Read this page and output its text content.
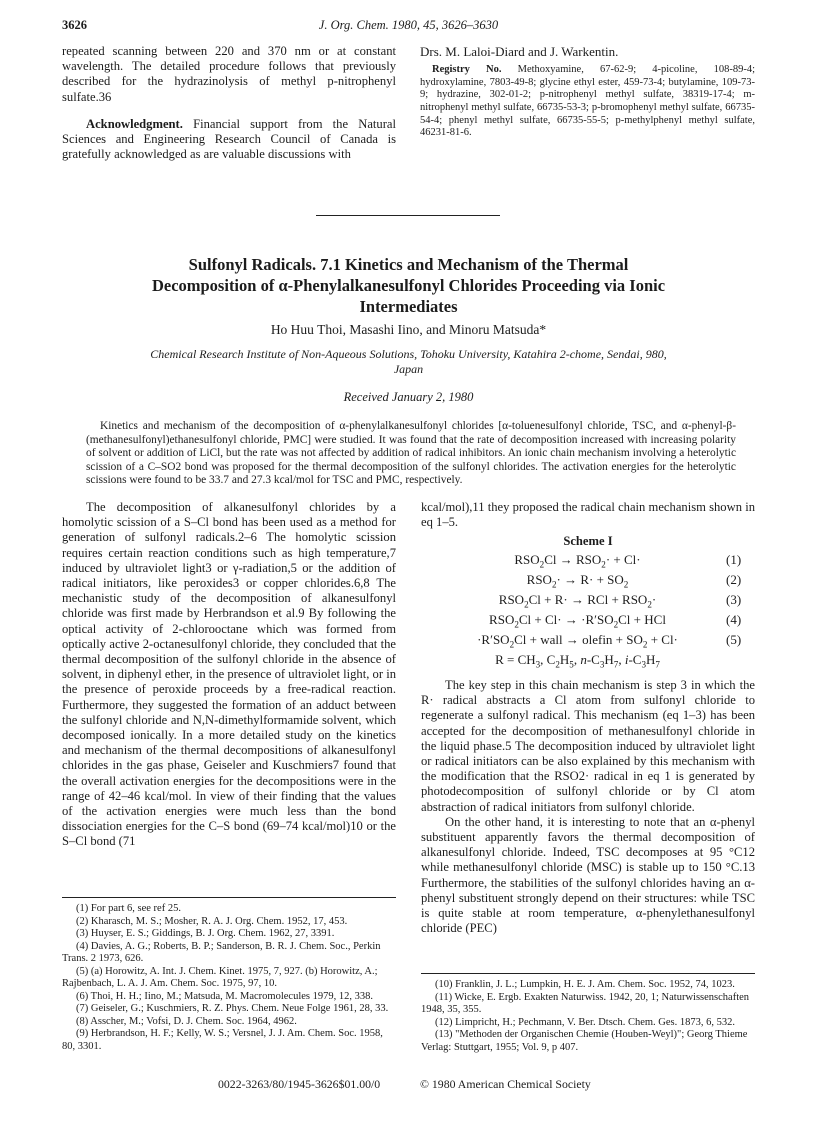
3626	J. Org. Chem. 1980, 45, 3626–3630

repeated scanning between 220 and 370 nm or at constant wavelength. The detailed procedure follows that previously described for the hydrazinolysis of methyl p-nitrophenyl sulfate.36

Acknowledgment. Financial support from the Natural Sciences and Engineering Research Council of Canada is gratefully acknowledged as are valuable discussions with

Drs. M. Laloi-Diard and J. Warkentin.

Registry No. Methoxyamine, 67-62-9; 4-picoline, 108-89-4; hydroxylamine, 7803-49-8; glycine ethyl ester, 459-73-4; butylamine, 109-73-9; hydrazine, 302-01-2; p-nitrophenyl methyl sulfate, 38319-17-4; m-nitrophenyl methyl sulfate, 66735-53-3; p-bromophenyl methyl sulfate, 66735-54-4; phenyl methyl sulfate, 66735-55-5; p-methylphenyl methyl sulfate, 46231-81-6.

Sulfonyl Radicals. 7.1 Kinetics and Mechanism of the Thermal
Decomposition of α-Phenylalkanesulfonyl Chlorides Proceeding via Ionic
Intermediates
Ho Huu Thoi, Masashi Iino, and Minoru Matsuda*
Chemical Research Institute of Non-Aqueous Solutions, Tohoku University, Katahira 2-chome, Sendai, 980,
Japan
Received January 2, 1980

Kinetics and mechanism of the decomposition of α-phenylalkanesulfonyl chlorides [α-toluenesulfonyl chloride, TSC, and α-phenyl-β-(methanesulfonyl)ethanesulfonyl chloride, PMC] were studied. It was found that the rate of decomposition increased with increasing polarity of solvent or addition of LiCl, but the rate was not affected by addition of radical inhibitors. An ionic chain mechanism involving a heterolytic scission of a C–SO2 bond was proposed for the thermal decomposition of the sulfonyl chlorides. The activation energies for the heterolytic scissions were found to be 33.7 and 27.3 kcal/mol for TSC and PMC, respectively.

The decomposition of alkanesulfonyl chlorides by a homolytic scission of a S–Cl bond has been used as a method for generation of sulfonyl radicals.2–6 The homolytic scission requires certain reaction conditions such as high temperature,7 induced by ultraviolet light3 or γ-radiation,5 or the addition of radical initiators, like peroxides3 or copper chlorides.6,8 The mechanistic study of the decomposition of alkanesulfonyl chloride was first made by Herbrandson et al.9 By following the optical activity of 2-chlorooctane which was formed from optically active 2-octanesulfonyl chloride, they concluded that the thermal decomposition of the sulfonyl chloride in the absence of solvent, in diphenyl ether, in the presence of ultraviolet light, or in the presence of peroxide proceeds by a free-radical reaction. Furthermore, they suggested the formation of an adduct between the sulfonyl chloride and N,N-dimethylformamide solvent, which decomposed ionically. In a more detailed study on the kinetics and mechanism of the thermal decompositions of alkanesulfonyl chlorides in the gas phase, Geiseler and Kuschmiers7 found that the overall activation energies for the decompositions were in the range of 42–46 kcal/mol. In view of their finding that the values of the activation energies were much less than the bond dissociation energies for the C–S bond (69–74 kcal/mol)10 or the S–Cl bond (71

(1) For part 6, see ref 25.

(2) Kharasch, M. S.; Mosher, R. A. J. Org. Chem. 1952, 17, 453.

(3) Huyser, E. S.; Giddings, B. J. Org. Chem. 1962, 27, 3391.

(4) Davies, A. G.; Roberts, B. P.; Sanderson, B. R. J. Chem. Soc., Perkin Trans. 2 1973, 626.

(5) (a) Horowitz, A. Int. J. Chem. Kinet. 1975, 7, 927. (b) Horowitz, A.; Rajbenbach, L. A. J. Am. Chem. Soc. 1975, 97, 10.

(6) Thoi, H. H.; Iino, M.; Matsuda, M. Macromolecules 1979, 12, 338.

(7) Geiseler, G.; Kuschmiers, R. Z. Phys. Chem. Neue Folge 1961, 28, 33.

(8) Asscher, M.; Vofsi, D. J. Chem. Soc. 1964, 4962.

(9) Herbrandson, H. F.; Kelly, W. S.; Versnel, J. J. Am. Chem. Soc. 1958, 80, 3301.

kcal/mol),11 they proposed the radical chain mechanism shown in eq 1–5.

Scheme I
$RSO_2Cl \to RSO_2\cdot + Cl\cdot$	(1)
$RSO_2\cdot \to R\cdot + SO_2$	(2)
$RSO_2Cl + R\cdot$ → RCl + $RSO_2\cdot$	(3)
$RSO_2Cl + Cl\cdot \to \cdot R'SO_2Cl$ + HCl	(4)
$\cdot R'SO_2Cl$ + wall → olefin + $SO_2 + Cl\cdot$	(5)
$R = CH_3$, $C_2H_5$, $n-C_3H_7$, $i-C_3H_7$

The key step in this chain mechanism is step 3 in which the R· radical abstracts a Cl atom from sulfonyl chloride to regenerate a sulfonyl radical. This mechanism (eq 1–3) has been accepted for the decomposition of methanesulfonyl chloride in the liquid phase.5 The decomposition induced by ultraviolet light or radical initiators can be also explained by this mechanism with the modification that the RSO2· radical in eq 1 is generated by photodecomposition of sulfonyl chloride or by Cl atom abstraction of radical initiators from sulfonyl chloride.

On the other hand, it is interesting to note that an α-phenyl substituent apparently favors the thermal decomposition of alkanesulfonyl chloride. Indeed, TSC decomposes at 95 °C12 while methanesulfonyl chloride (MSC) is stable up to 150 °C.13 Furthermore, the stabilities of the sulfonyl chlorides having an α-phenyl substituent strongly depend on their structures: while TSC is quite stable at room temperature, α-phenylethanesulfonyl chloride (PEC)

(10) Franklin, J. L.; Lumpkin, H. E. J. Am. Chem. Soc. 1952, 74, 1023.

(11) Wicke, E. Ergb. Exakten Naturwiss. 1942, 20, 1; Naturwissenschaften 1948, 35, 355.

(12) Limpricht, H.; Pechmann, V. Ber. Dtsch. Chem. Ges. 1873, 6, 532.

(13) "Methoden der Organischen Chemie (Houben-Weyl)"; Georg Thieme Verlag: Stuttgart, 1955; Vol. 9, p 407.

0022-3263/80/1945-3626$01.00/0	© 1980 American Chemical Society
